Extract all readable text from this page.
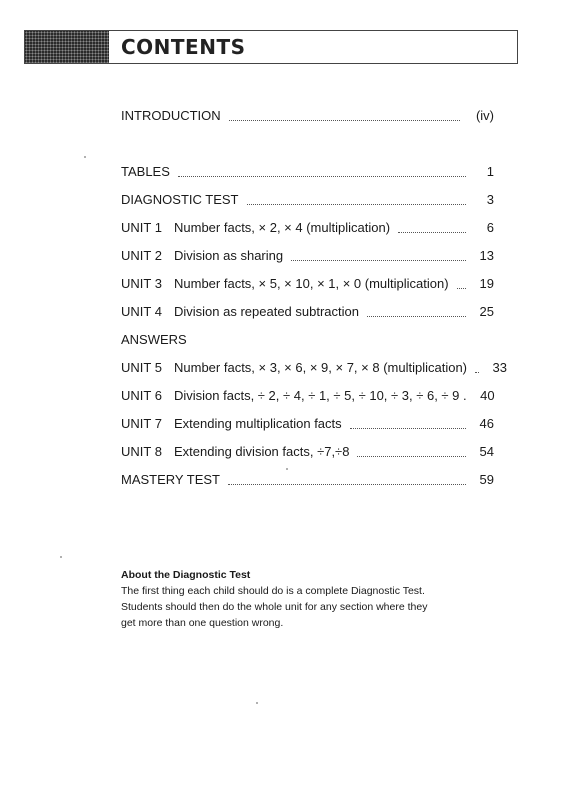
CONTENTS
INTRODUCTION	(iv)
TABLES	1
DIAGNOSTIC TEST	3
UNIT 1 Number facts, × 2, × 4 (multiplication)	6
UNIT 2 Division as sharing	13
UNIT 3 Number facts, × 5, × 10, × 1, × 0 (multiplication)	19
UNIT 4 Division as repeated subtraction	25
ANSWERS
UNIT 5 Number facts, × 3, × 6, × 9, × 7, × 8 (multiplication)	33
UNIT 6 Division facts, ÷ 2, ÷ 4, ÷ 1, ÷ 5, ÷ 10, ÷ 3, ÷ 6, ÷ 9 .	40
UNIT 7 Extending multiplication facts	46
UNIT 8 Extending division facts, ÷7,÷8	54
MASTERY TEST	59
About the Diagnostic Test
The first thing each child should do is a complete Diagnostic Test.
Students should then do the whole unit for any section where they
get more than one question wrong.
